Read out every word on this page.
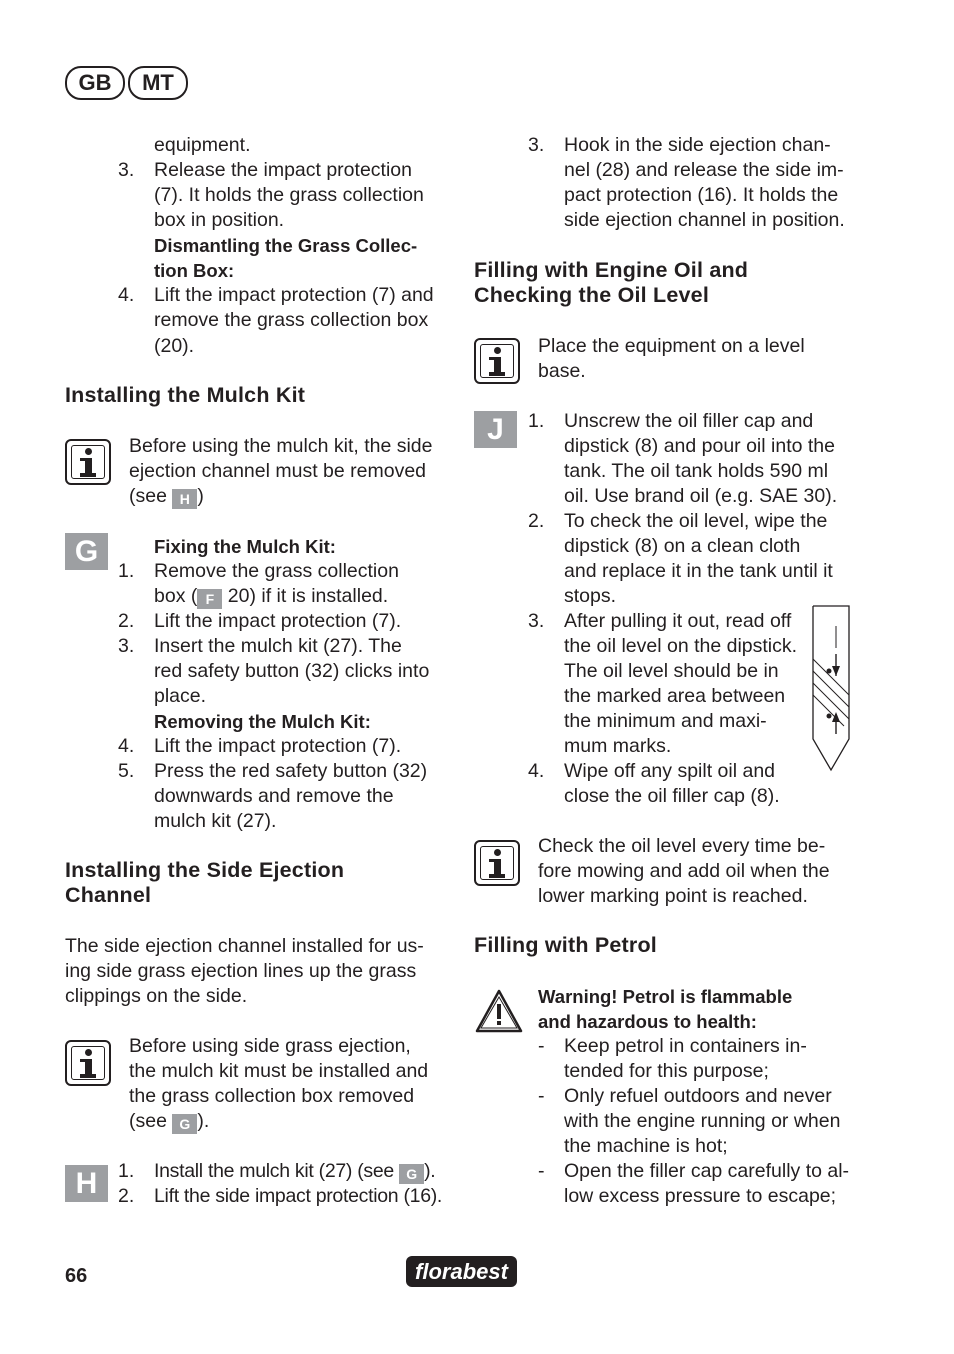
GB	MT
equipment.
3. Release the impact protection
(7). It holds the grass collection
box in position.
Dismantling the Grass Collec-
tion Box:
4. Lift the impact protection (7) and
remove the grass collection box
(20).
Installing the Mulch Kit
Before using the mulch kit, the side
ejection channel must be removed
(see H )
G	Fixing the Mulch Kit:
1. Remove the grass collection
box ( F 20) if it is installed.
2. Lift the impact protection (7).
3. Insert the mulch kit (27). The
red safety button (32) clicks into
place.
Removing the Mulch Kit:
4. Lift the impact protection (7).
5. Press the red safety button (32)
downwards and remove the
mulch kit (27).
Installing the Side Ejection
Channel
The side ejection channel installed for us-
ing side grass ejection lines up the grass
clippings on the side.
Before using side grass ejection,
the mulch kit must be installed and
the grass collection box removed
(see G ).
H	1. Install the mulch kit (27) (see G ).
2. Lift the side impact protection (16).
3. Hook in the side ejection chan-
nel (28) and release the side im-
pact protection (16). It holds the
side ejection channel in position.
Filling with Engine Oil and
Checking the Oil Level
Place the equipment on a level
base.
J	1. Unscrew the oil filler cap and
dipstick (8) and pour oil into the
tank. The oil tank holds 590 ml
oil. Use brand oil (e.g. SAE 30).
2. To check the oil level, wipe the
dipstick (8) on a clean cloth
and replace it in the tank until it
stops.
3. After pulling it out, read off
the oil level on the dipstick.
The oil level should be in
the marked area between
the minimum and maxi-
mum marks.
4. Wipe off any spilt oil and
close the oil filler cap (8).
Check the oil level every time be-
fore mowing and add oil when the
lower marking point is reached.
Filling with Petrol
Warning! Petrol is flammable
and hazardous to health:
- Keep petrol in containers in-
tended for this purpose;
- Only refuel outdoors and never
with the engine running or when
the machine is hot;
- Open the filler cap carefully to al-
low excess pressure to escape;
66	florabest
